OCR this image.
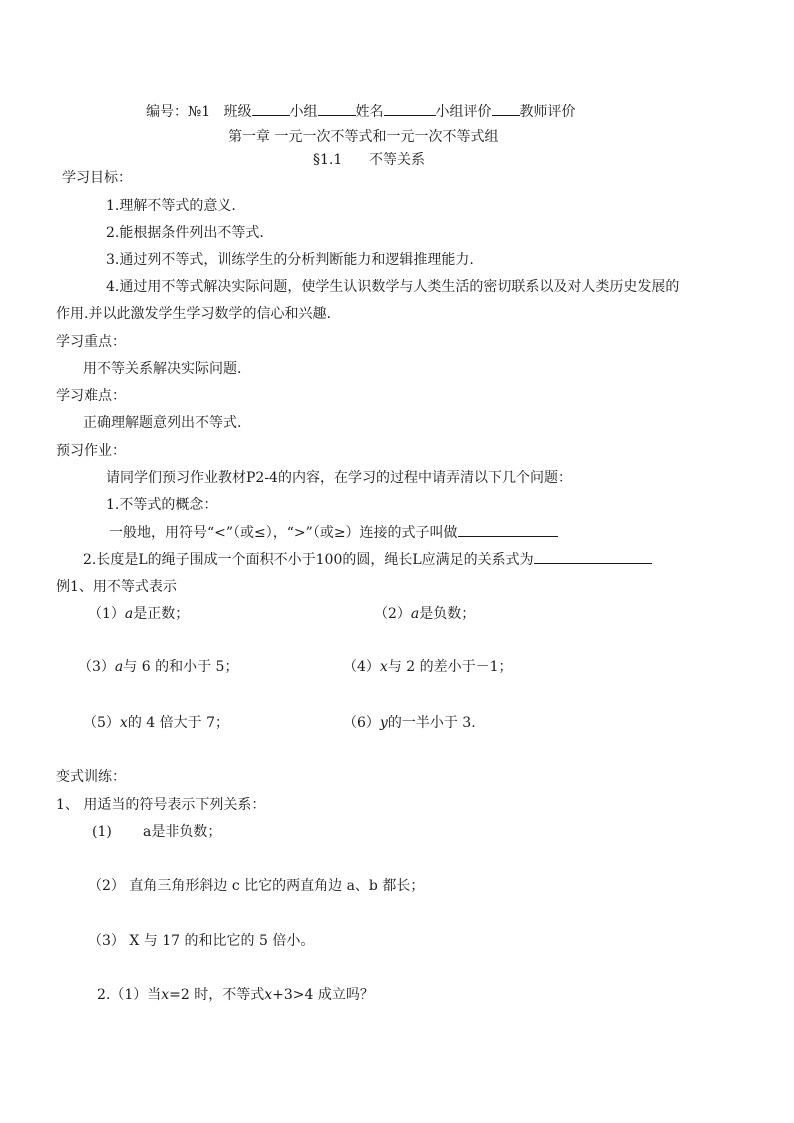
编号：№1 班级	小组	姓名	小组评价 教师评价
第一章 一元一次不等式和一元一次不等式组
§1.1 不等关系
学习目标：
1.理解不等式的意义.
2.能根据条件列出不等式.
3.通过列不等式，训练学生的分析判断能力和逻辑推理能力.
4.通过用不等式解决实际问题，使学生认识数学与人类生活的密切联系以及对人类历史发展的
作用.并以此激发学生学习数学的信心和兴趣.
学习重点：
用不等关系解决实际问题.
学习难点：
正确理解题意列出不等式.
预习作业：
请同学们预习作业教材P2-4的内容，在学习的过程中请弄清以下几个问题：
1.不等式的概念：
一般地，用符号“<”（或≤），“>”（或≥）连接的式子叫做
2.长度是L的绳子围成一个面积不小于100的圆，绳长L应满足的关系式为
例1、用不等式表示
（1）a是正数；	（2）a是负数；
（3）a与 6 的和小于 5；	（4）x与 2 的差小于－1；
（5）x的 4 倍大于 7；	（6）y的一半小于 3.
变式训练：
1、 用适当的符号表示下列关系：
(1) a是非负数；
（2） 直角三角形斜边 c 比它的两直角边 a、b 都长；
（3） X 与 17 的和比它的 5 倍小。
2.（1）当x=2 时，不等式x+3>4 成立吗？
